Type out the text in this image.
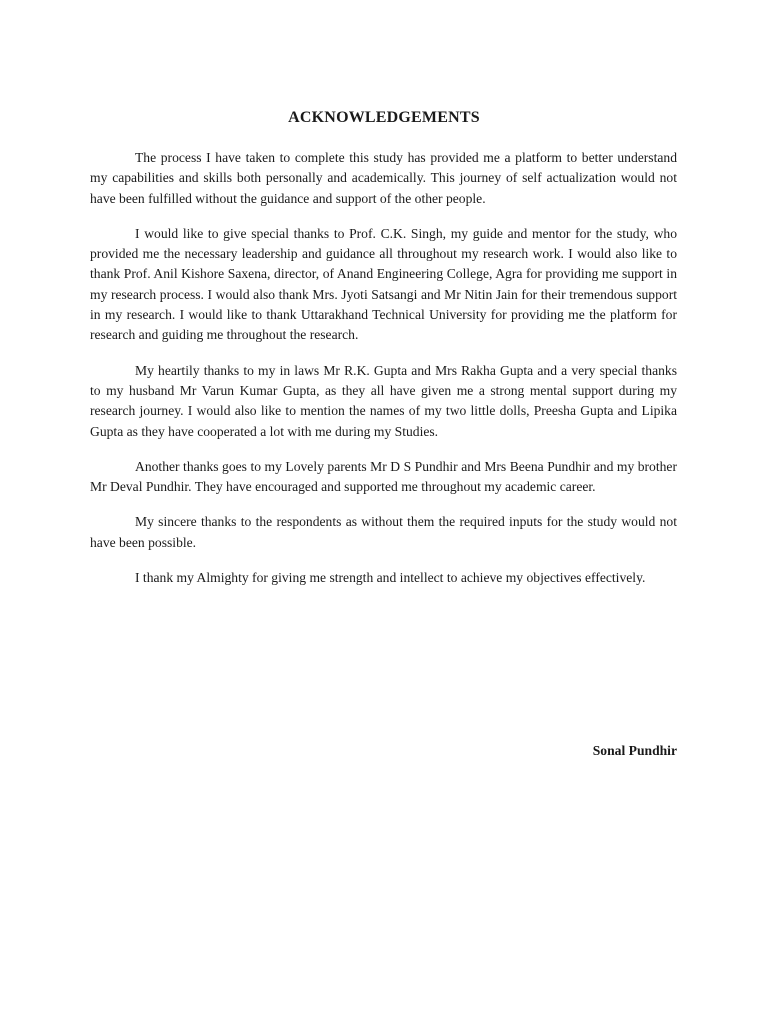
ACKNOWLEDGEMENTS

The process I have taken to complete this study has provided me a platform to better understand my capabilities and skills both personally and academically. This journey of self actualization would not have been fulfilled without the guidance and support of the other people.

I would like to give special thanks to Prof. C.K. Singh, my guide and mentor for the study, who provided me the necessary leadership and guidance all throughout my research work. I would also like to thank Prof. Anil Kishore Saxena, director, of Anand Engineering College, Agra for providing me support in my research process. I would also thank Mrs. Jyoti Satsangi and Mr Nitin Jain for their tremendous support in my research. I would like to thank Uttarakhand Technical University for providing me the platform for research and guiding me throughout the research.

My heartily thanks to my in laws Mr R.K. Gupta and Mrs Rakha Gupta and a very special thanks to my husband Mr Varun Kumar Gupta, as they all have given me a strong mental support during my research journey. I would also like to mention the names of my two little dolls, Preesha Gupta and Lipika Gupta as they have cooperated a lot with me during my Studies.

Another thanks goes to my Lovely parents Mr D S Pundhir and Mrs Beena Pundhir and my brother Mr Deval Pundhir. They have encouraged and supported me throughout my academic career.

My sincere thanks to the respondents as without them the required inputs for the study would not have been possible.

I thank my Almighty for giving me strength and intellect to achieve my objectives effectively.

Sonal Pundhir
